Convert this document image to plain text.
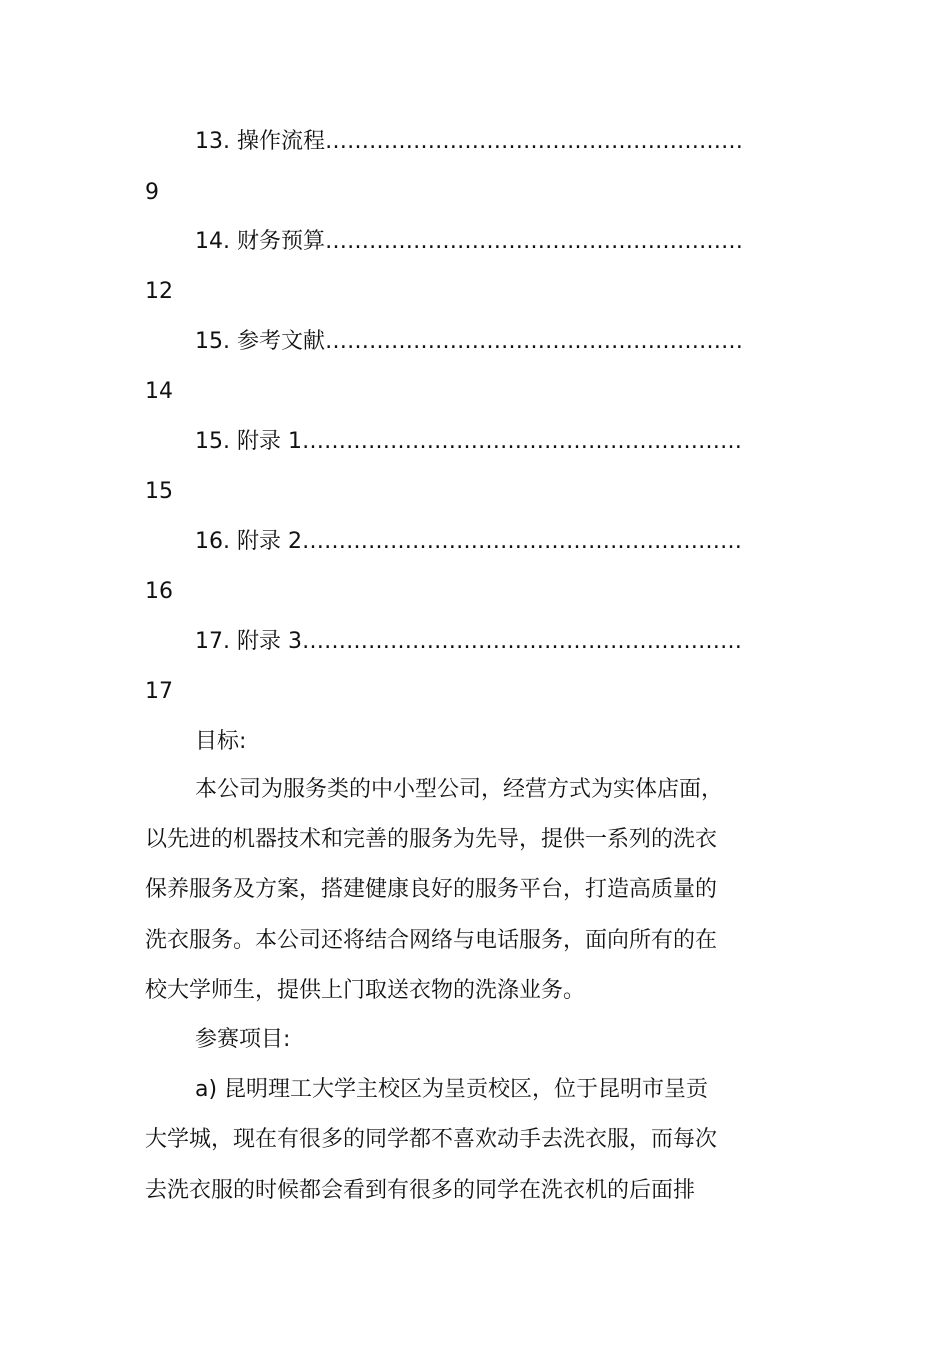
13. 操作流程…………………………………………………
9
14. 财务预算…………………………………………………
12
15. 参考文献…………………………………………………
14
15. 附录 1……………………………………………………
15
16. 附录 2……………………………………………………
16
17. 附录 3……………………………………………………
17
目标:
本公司为服务类的中小型公司，经营方式为实体店面，
以先进的机器技术和完善的服务为先导，提供一系列的洗衣
保养服务及方案，搭建健康良好的服务平台，打造高质量的
洗衣服务。本公司还将结合网络与电话服务，面向所有的在
校大学师生，提供上门取送衣物的洗涤业务。
参赛项目:
a) 昆明理工大学主校区为呈贡校区，位于昆明市呈贡
大学城，现在有很多的同学都不喜欢动手去洗衣服，而每次
去洗衣服的时候都会看到有很多的同学在洗衣机的后面排
